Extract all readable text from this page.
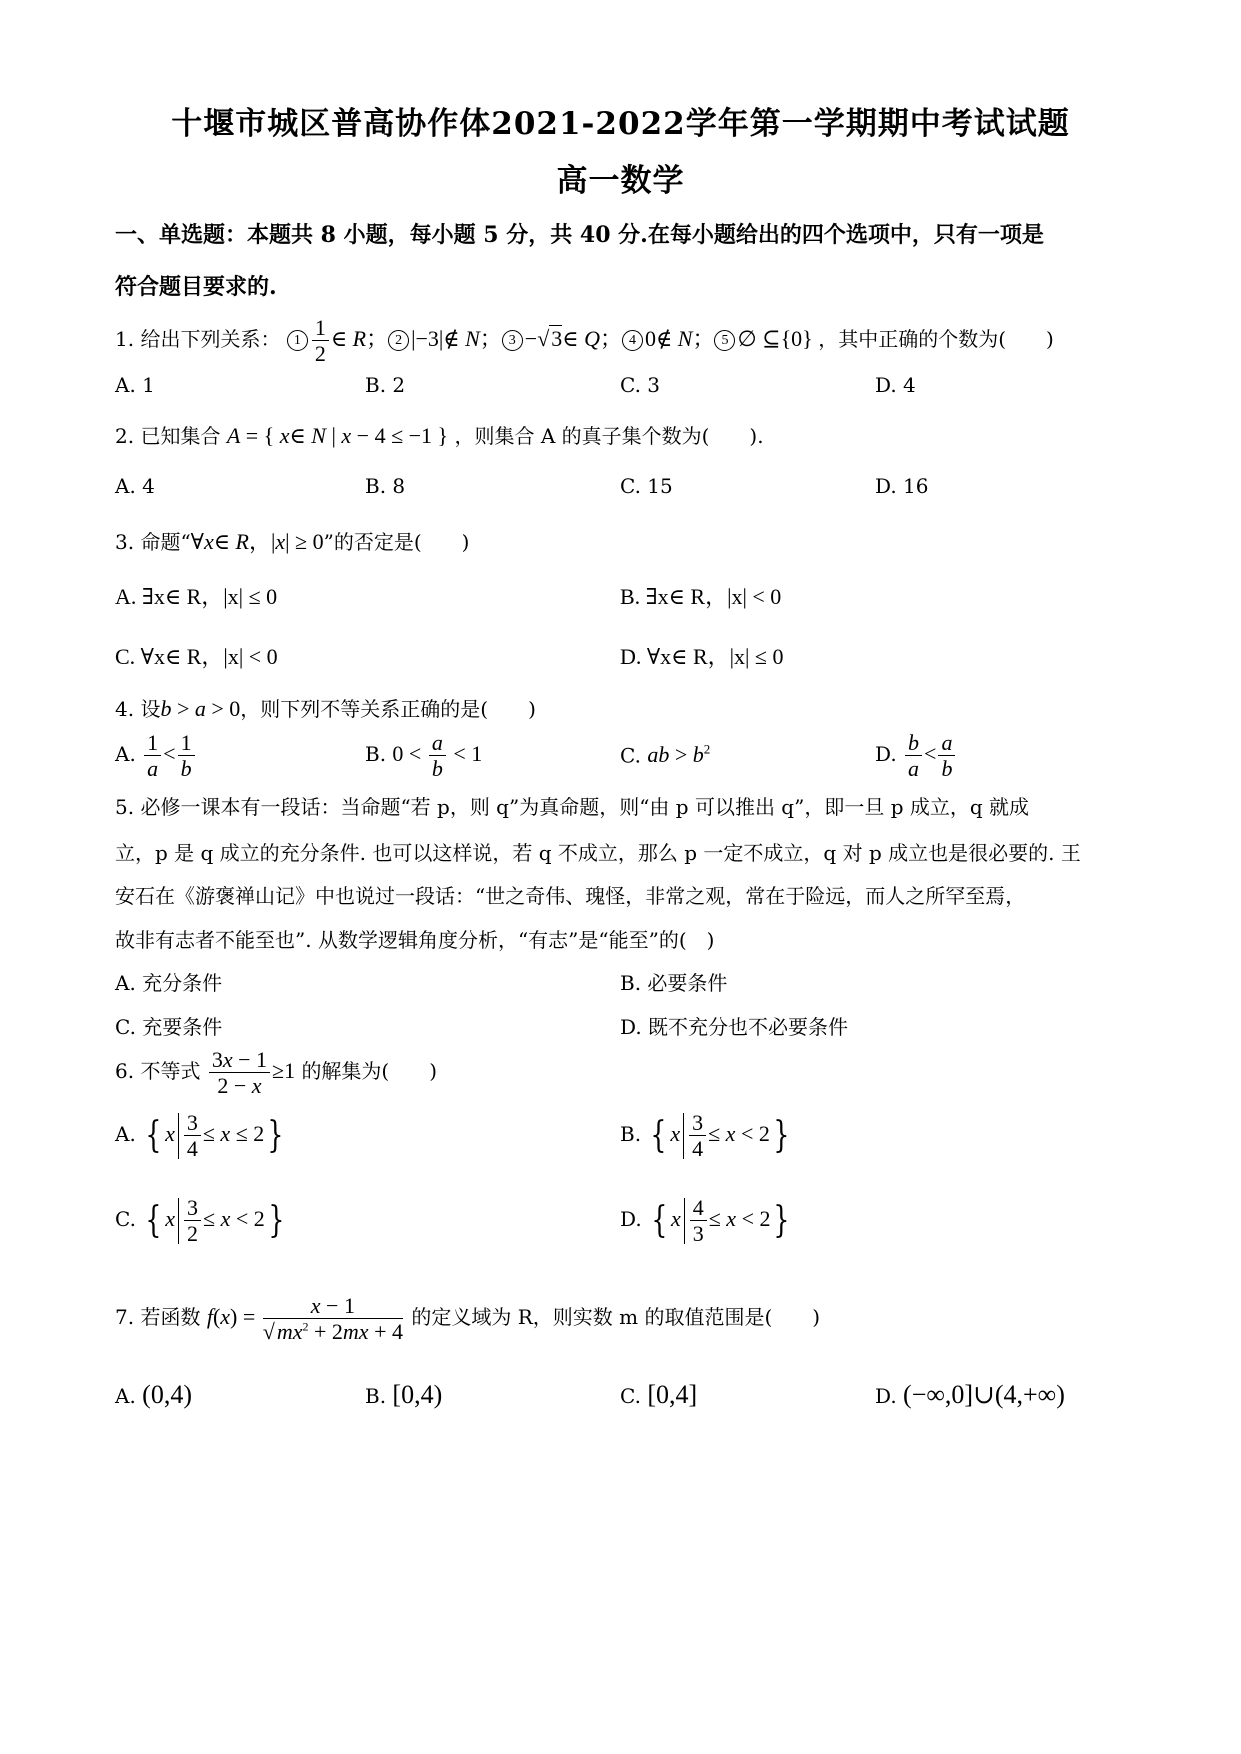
十堰市城区普高协作体2021-2022学年第一学期期中考试试题
高一数学
一、单选题：本题共 8 小题，每小题 5 分，共 40 分.在每小题给出的四个选项中，只有一项是
符合题目要求的.
1. 给出下列关系： $1 \frac{1}{2}$ ∈ R； 2 |−3|∉ N； 3 −√3∈ Q； 4 0∉ N； 5 ∅ ⊆{0} ，其中正确的个数为(　　)
A. 1	B. 2	C. 3	D. 4
2. 已知集合 A = { x∈ N | x − 4 ≤ −1 } ，则集合 A 的真子集个数为(　　).
A. 4	B. 8	C. 15	D. 16
3. 命题“∀x∈ R，|x| ≥ 0”的否定是(　　)
A. ∃x∈ R，|x| ≤ 0	B. ∃x∈ R，|x| < 0
C. ∀x∈ R，|x| < 0	D. ∀x∈ R，|x| ≤ 0
4. 设b > a > 0，则下列不等关系正确的是(　　)
A. $\frac{1}{a} < \frac{1}{b}$	B. $0 < \frac{a}{b} < 1$	C. ab > $b^2$	D. $\frac{b}{a} < \frac{a}{b}$
5. 必修一课本有一段话：当命题“若 p，则 q”为真命题，则“由 p 可以推出 q”，即一旦 p 成立，q 就成
立，p 是 q 成立的充分条件. 也可以这样说，若 q 不成立，那么 p 一定不成立，q 对 p 成立也是很必要的. 王
安石在《游褒禅山记》中也说过一段话：“世之奇伟、瑰怪，非常之观，常在于险远，而人之所罕至焉，
故非有志者不能至也”. 从数学逻辑角度分析，“有志”是“能至”的(　)
A. 充分条件	B. 必要条件
C. 充要条件	D. 既不充分也不必要条件
6. 不等式 $\frac{3x - 1}{2 - x} \ge 1$ 的解集为(　　)
A. { x $\frac{3}{4} \le x \le 2$}	B. { x $\frac{3}{4} \le x < 2$}
C. { x $\frac{3}{2} \le x < 2$}	D. { x $\frac{4}{3} \le x < 2$}
7. 若函数 $f(x) = \frac{x - 1}{√mx^2 + 2mx + 4}$ 的定义域为 R，则实数 m 的取值范围是(　　)
A. (0,4)	B. [0,4)	C. [0,4]	D. (−∞,0]∪(4,+∞)
